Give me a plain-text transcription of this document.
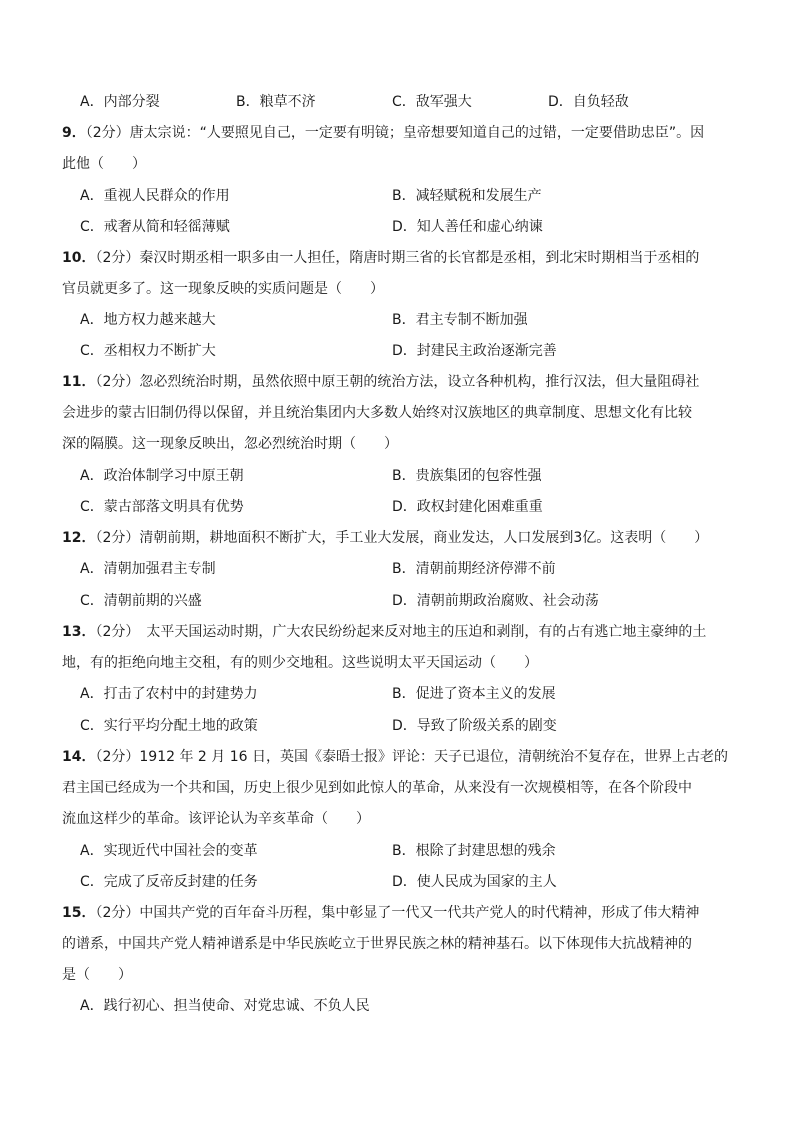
A．内部分裂	B．粮草不济	C．敌军强大	D．自负轻敌
9．（2分）唐太宗说：“人要照见自己，一定要有明镜；皇帝想要知道自己的过错，一定要借助忠臣”。因
此他（　　）
A．重视人民群众的作用	B．减轻赋税和发展生产
C．戒奢从简和轻徭薄赋	D．知人善任和虚心纳谏
10．（2分）秦汉时期丞相一职多由一人担任，隋唐时期三省的长官都是丞相，到北宋时期相当于丞相的
官员就更多了。这一现象反映的实质问题是（　　）
A．地方权力越来越大	B．君主专制不断加强
C．丞相权力不断扩大	D．封建民主政治逐渐完善
11．（2分）忽必烈统治时期，虽然依照中原王朝的统治方法，设立各种机构，推行汉法，但大量阻碍社
会进步的蒙古旧制仍得以保留，并且统治集团内大多数人始终对汉族地区的典章制度、思想文化有比较
深的隔膜。这一现象反映出，忽必烈统治时期（　　）
A．政治体制学习中原王朝	B．贵族集团的包容性强
C．蒙古部落文明具有优势	D．政权封建化困难重重
12．（2分）清朝前期，耕地面积不断扩大，手工业大发展，商业发达，人口发展到3亿。这表明（　　）
A．清朝加强君主专制	B．清朝前期经济停滞不前
C．清朝前期的兴盛	D．清朝前期政治腐败、社会动荡
13．（2分）　太平天国运动时期，广大农民纷纷起来反对地主的压迫和剥削，有的占有逃亡地主豪绅的土
地，有的拒绝向地主交租，有的则少交地租。这些说明太平天国运动（　　）
A．打击了农村中的封建势力	B．促进了资本主义的发展
C．实行平均分配土地的政策	D．导致了阶级关系的剧变
14．（2分）1912 年 2 月 16 日，英国《泰晤士报》评论：天子已退位，清朝统治不复存在，世界上古老的
君主国已经成为一个共和国，历史上很少见到如此惊人的革命，从来没有一次规模相等，在各个阶段中
流血这样少的革命。该评论认为辛亥革命（　　）
A．实现近代中国社会的变革	B．根除了封建思想的残余
C．完成了反帝反封建的任务	D．使人民成为国家的主人
15．（2分）中国共产党的百年奋斗历程，集中彰显了一代又一代共产党人的时代精神，形成了伟大精神
的谱系，中国共产党人精神谱系是中华民族屹立于世界民族之林的精神基石。以下体现伟大抗战精神的
是（　　）
A．践行初心、担当使命、对党忠诚、不负人民
